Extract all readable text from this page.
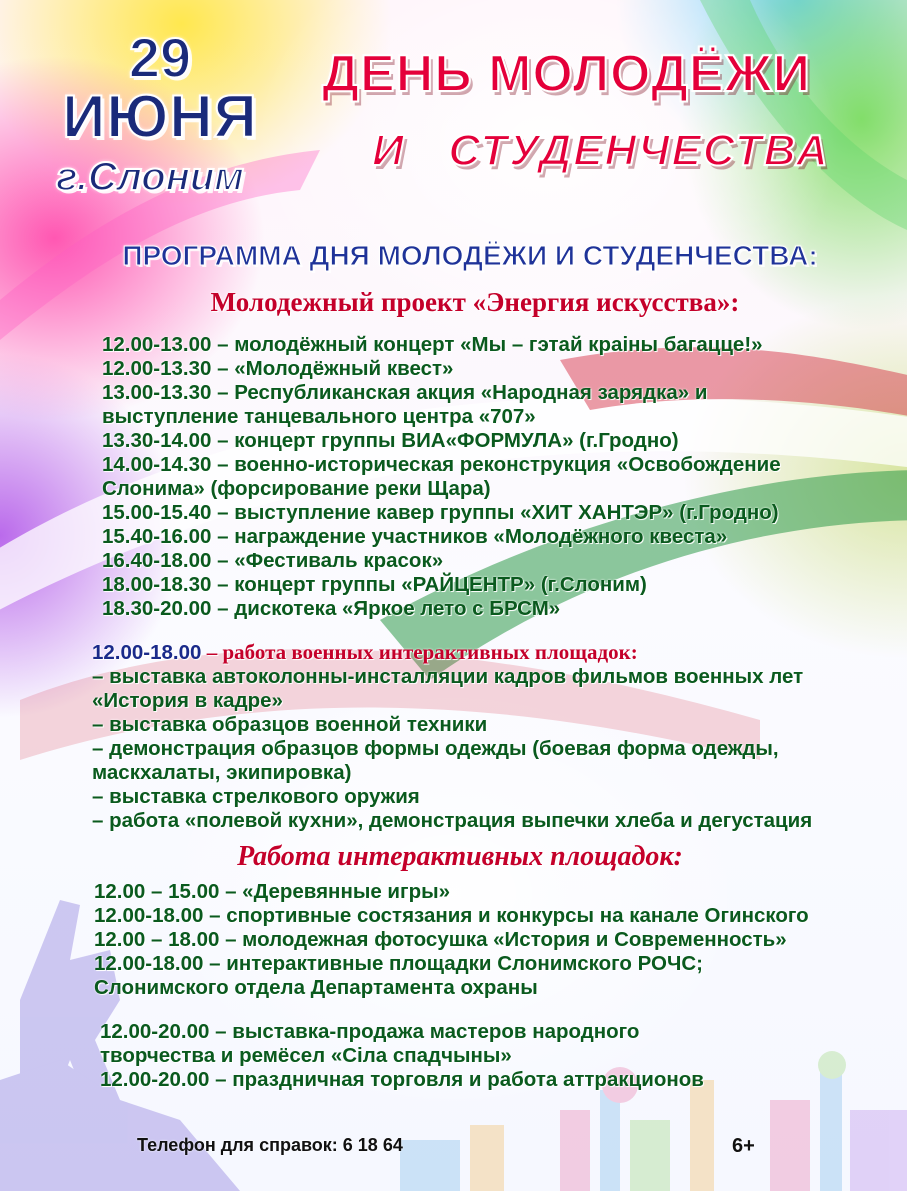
29
ИЮНЯ
г.Слоним
ДЕНЬ МОЛОДЁЖИ
И   СТУДЕНЧЕСТВА
ПРОГРАММА ДНЯ МОЛОДЁЖИ И СТУДЕНЧЕСТВА:
Молодежный проект «Энергия искусства»:
12.00-13.00 – молодёжный концерт «Мы – гэтай краіны багацце!»
12.00-13.30 – «Молодёжный квест»
13.00-13.30 – Республиканская акция «Народная зарядка» и
выступление танцевального центра «707»
13.30-14.00 – концерт группы ВИА«ФОРМУЛА» (г.Гродно)
14.00-14.30 – военно-историческая реконструкция «Освобождение
Слонима» (форсирование реки Щара)
15.00-15.40 – выступление кавер группы «ХИТ ХАНТЭР» (г.Гродно)
15.40-16.00 – награждение участников «Молодёжного квеста»
16.40-18.00 – «Фестиваль красок»
18.00-18.30 – концерт группы «РАЙЦЕНТР» (г.Слоним)
18.30-20.00 – дискотека «Яркое лето с БРСМ»
12.00-18.00 – работа военных интерактивных площадок:
– выставка автоколонны-инсталляции кадров фильмов военных лет
«История в кадре»
– выставка образцов военной техники
– демонстрация образцов формы одежды (боевая форма одежды,
маскхалаты, экипировка)
– выставка стрелкового оружия
– работа «полевой кухни», демонстрация выпечки хлеба и дегустация
Работа интерактивных площадок:
12.00 – 15.00 – «Деревянные игры»
12.00-18.00 – спортивные состязания и конкурсы на канале Огинского
12.00 – 18.00 – молодежная фотосушка «История и Современность»
12.00-18.00 – интерактивные площадки Слонимского РОЧС;
Слонимского отдела Департамента охраны
12.00-20.00 – выставка-продажа мастеров народного
творчества и ремёсел «Сіла спадчыны»
12.00-20.00 – праздничная торговля и работа аттракционов
Телефон для справок: 6 18 64	6+
